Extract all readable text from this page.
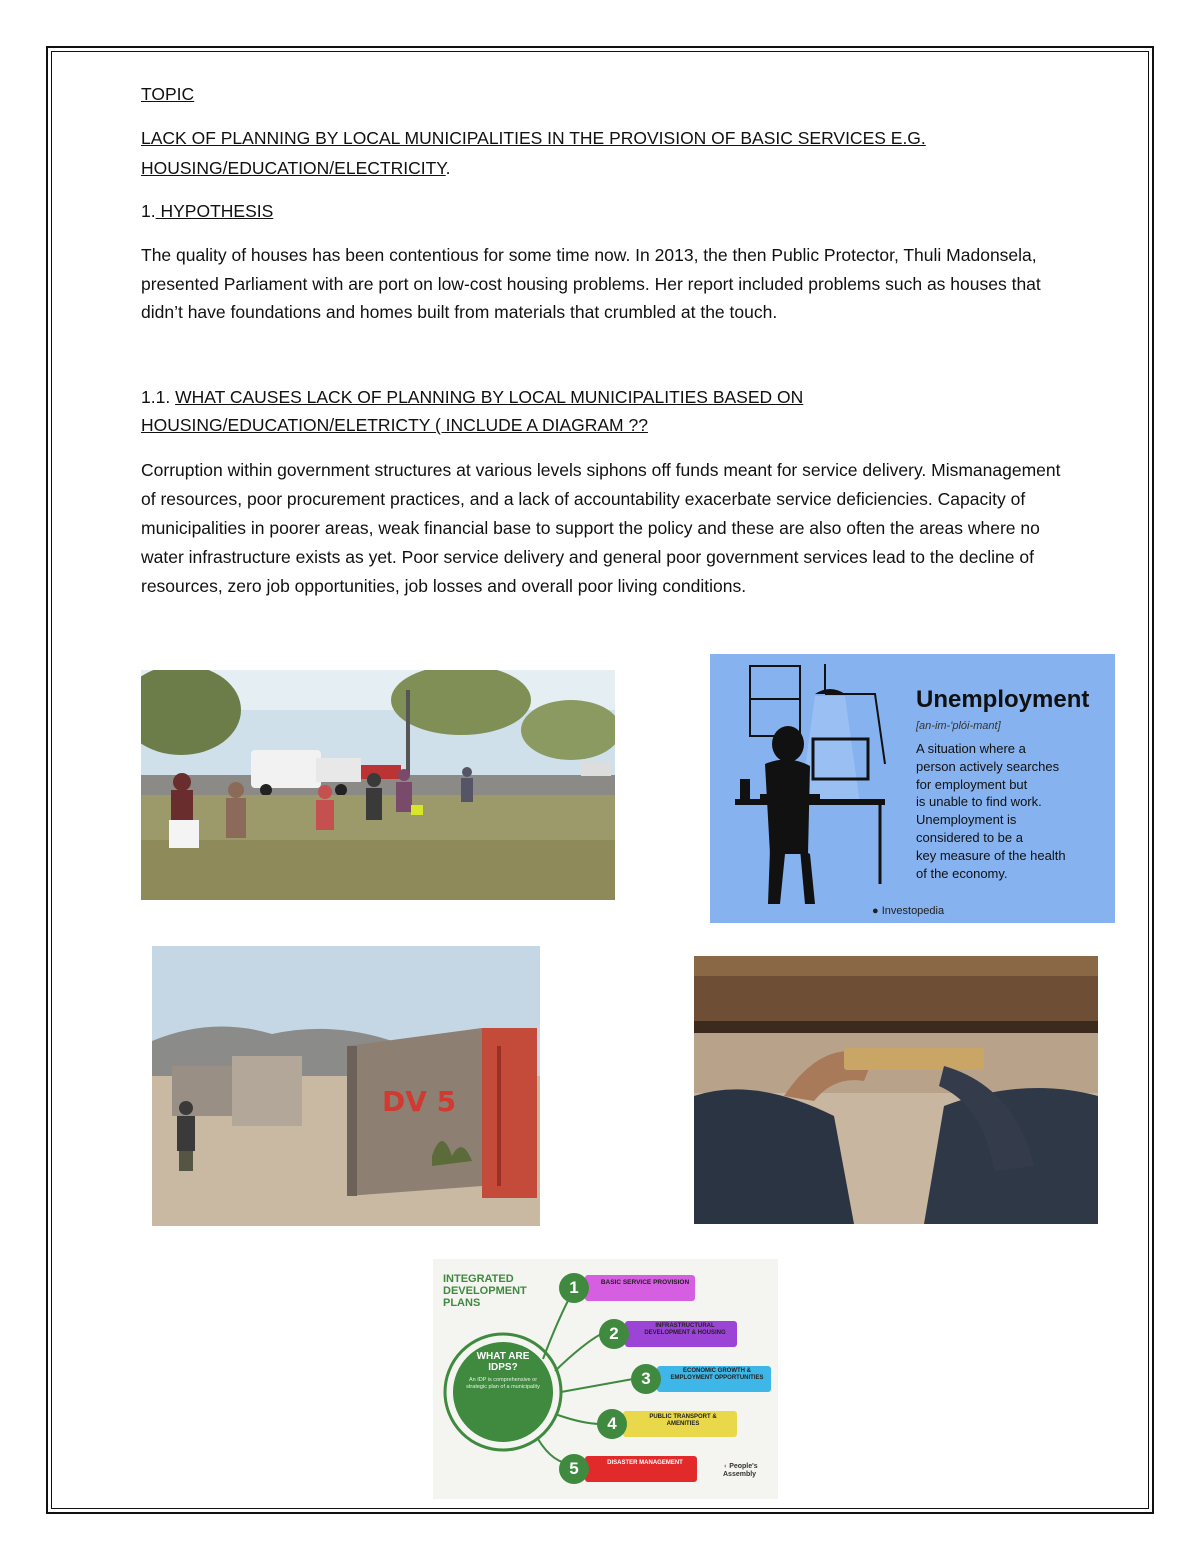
TOPIC
LACK OF PLANNING BY LOCAL MUNICIPALITIES IN THE PROVISION OF BASIC SERVICES E.G.
HOUSING/EDUCATION/ELECTRICITY.
1. HYPOTHESIS

The quality of houses has been contentious for some time now. In 2013, the then Public Protector, Thuli Madonsela, presented Parliament with are port on low-cost housing problems. Her report included problems such as houses that didn’t have foundations and homes built from materials that crumbled at the touch.

1.1. WHAT CAUSES LACK OF PLANNING BY LOCAL MUNICIPALITIES BASED ON
HOUSING/EDUCATION/ELETRICTY ( INCLUDE A DIAGRAM ??

Corruption within government structures at various levels siphons off funds meant for service delivery. Mismanagement of resources, poor procurement practices, and a lack of accountability exacerbate service deficiencies. Capacity of municipalities in poorer areas, weak financial base to support the policy and these are also often the areas where no water infrastructure exists as yet. Poor service delivery and general poor government services lead to the decline of resources, zero job opportunities, job losses and overall poor living conditions.

Unemployment
[an-im-'plói-mant]
A situation where a
person actively searches
for employment but
is unable to find work.
Unemployment is
considered to be a
key measure of the health
of the economy.
● Investopedia
DV 5
INTEGRATED
DEVELOPMENT
PLANS
WHAT ARE IDPS?
An IDP is comprehensive or strategic plan of a municipality
BASIC SERVICE PROVISION
1
INFRASTRUCTURAL DEVELOPMENT & HOUSING
2
ECONOMIC GROWTH & EMPLOYMENT OPPORTUNITIES
3
PUBLIC TRANSPORT & AMENITIES
4
DISASTER MANAGEMENT
5	◖ People's Assembly
